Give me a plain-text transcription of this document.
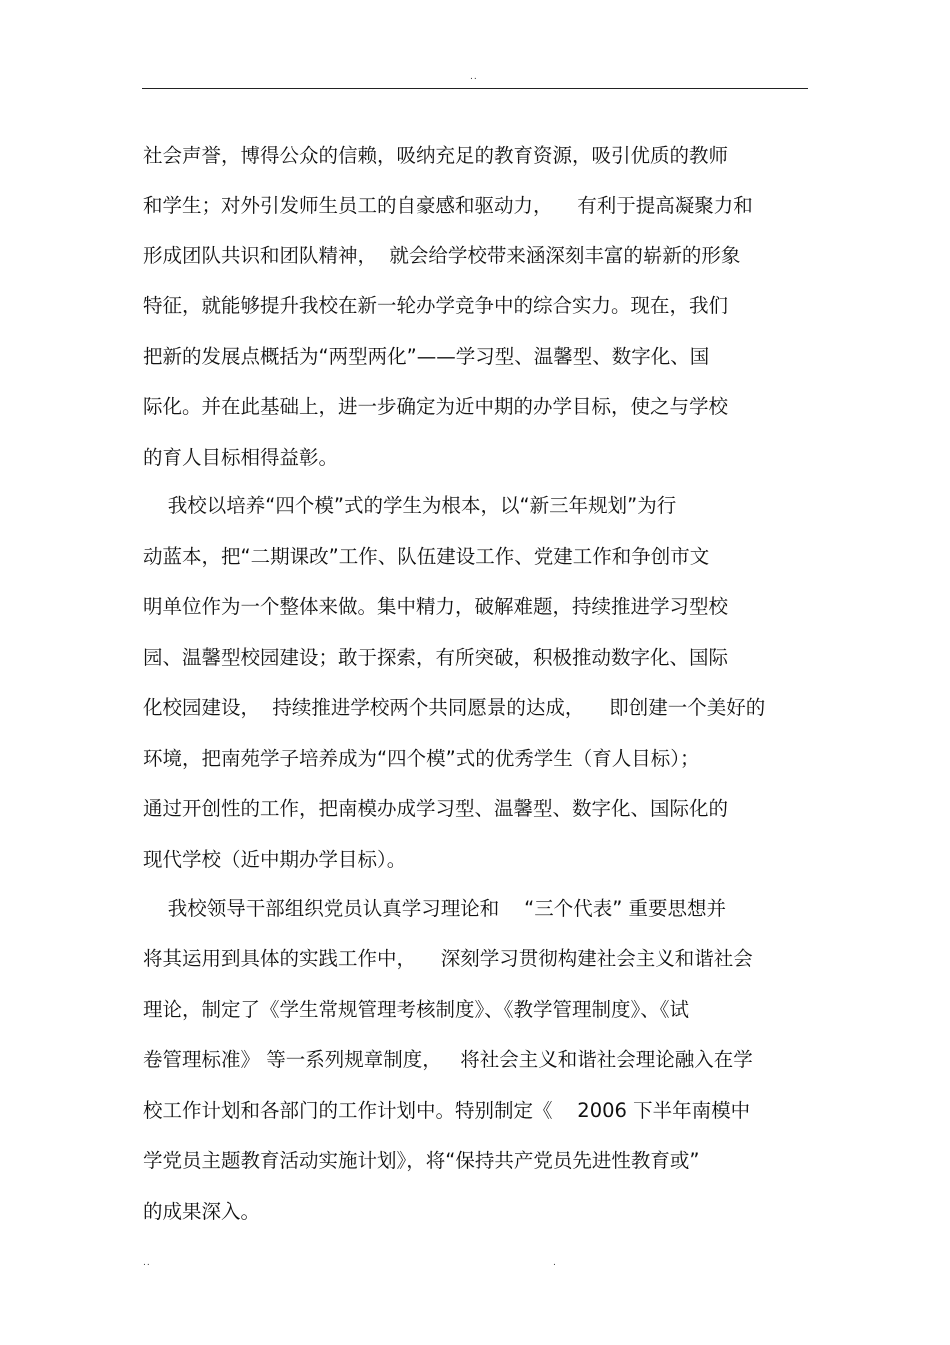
..
社会声誉，博得公众的信赖，吸纳充足的教育资源，吸引优质的教师
和学生；对外引发师生员工的自豪感和驱动力，    有利于提高凝聚力和
形成团队共识和团队精神，  就会给学校带来涵深刻丰富的崭新的形象
特征，就能够提升我校在新一轮办学竞争中的综合实力。现在，我们
把新的发展点概括为“两型两化”——学习型、温馨型、数字化、国
际化。并在此基础上，进一步确定为近中期的办学目标，使之与学校
的育人目标相得益彰。
我校以培养“四个模”式的学生为根本，以“新三年规划”为行
动蓝本，把“二期课改”工作、队伍建设工作、党建工作和争创市文
明单位作为一个整体来做。集中精力，破解难题，持续推进学习型校
园、温馨型校园建设；敢于探索，有所突破，积极推动数字化、国际
化校园建设，  持续推进学校两个共同愿景的达成，    即创建一个美好的
环境，把南苑学子培养成为“四个模”式的优秀学生（育人目标）；
通过开创性的工作，把南模办成学习型、温馨型、数字化、国际化的
现代学校（近中期办学目标）。
我校领导干部组织党员认真学习理论和    “三个代表” 重要思想并
将其运用到具体的实践工作中，    深刻学习贯彻构建社会主义和谐社会
理论，制定了《学生常规管理考核制度》、《教学管理制度》、《试
卷管理标准》 等一系列规章制度，   将社会主义和谐社会理论融入在学
校工作计划和各部门的工作计划中。特别制定《    2006 下半年南模中
学党员主题教育活动实施计划》，将“保持共产党员先进性教育或”
的成果深入。
..	.
